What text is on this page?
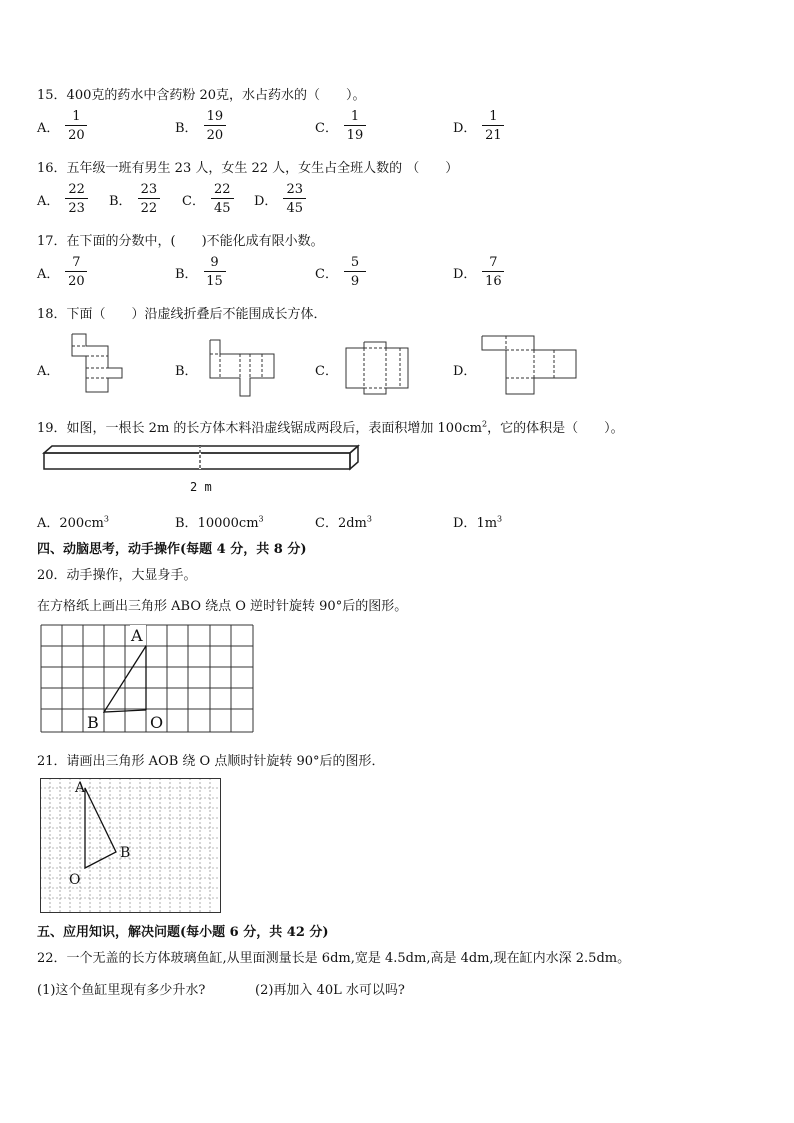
15．400克的药水中含药粉 20克，水占药水的（　　）。
A． $\frac{1}{20}$	B． $\frac{19}{20}$	C． $\frac{1}{19}$	D． $\frac{1}{21}$
16．五年级一班有男生 23 人，女生 22 人，女生占全班人数的 （　　）
A． $\frac{22}{23}$ B． $\frac{23}{22}$ C． $\frac{22}{45}$ D． $\frac{23}{45}$
17．在下面的分数中，(　　)不能化成有限小数。
A． $\frac{7}{20}$	B． $\frac{9}{15}$	C． $\frac{5}{9}$	D． $\frac{7}{16}$
18．下面（　　）沿虚线折叠后不能围成长方体．
A．	B．	C．	D．
19．如图，一根长 2m 的长方体木料沿虚线锯成两段后，表面积增加 $100cm^2$，它的体积是（　　）。
2 m
A．$200cm^3$	B．$10000cm^3$	C．$2dm^3$	D．$1m^3$
四、动脑思考，动手操作(每题 4 分，共 8 分)
20．动手操作，大显身手。
在方格纸上画出三角形 ABO 绕点 O 逆时针旋转 90°后的图形。
A
B	O
21．请画出三角形 AOB 绕 O 点顺时针旋转 90°后的图形．
A
B
O
五、应用知识，解决问题(每小题 6 分，共 42 分)
22．一个无盖的长方体玻璃鱼缸,从里面测量长是 6dm,宽是 4.5dm,高是 4dm,现在缸内水深 2.5dm。
(1)这个鱼缸里现有多少升水?	(2)再加入 40L 水可以吗?
